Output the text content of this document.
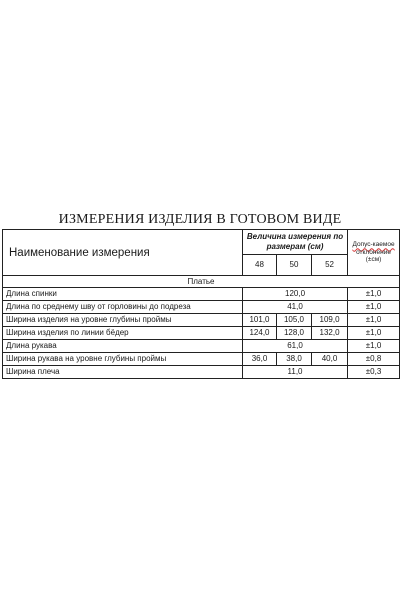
ИЗМЕРЕНИЯ ИЗДЕЛИЯ В ГОТОВОМ ВИДЕ
Наименование измерения	Величина измерения по размерам (см)			Допус-каемое
отклонение
(±см)
	48	50	52	
Платье				
Длина спинки	120,0			±1,0
Длина по среднему шву от горловины до подреза	41,0			±1,0
Ширина изделия на уровне глубины проймы	101,0	105,0	109,0	±1,0
Ширина изделия по линии бёдер	124,0	128,0	132,0	±1,0
Длина рукава	61,0			±1,0
Ширина рукава на уровне глубины проймы	36,0	38,0	40,0	±0,8
Ширина плеча	11,0			±0,3
